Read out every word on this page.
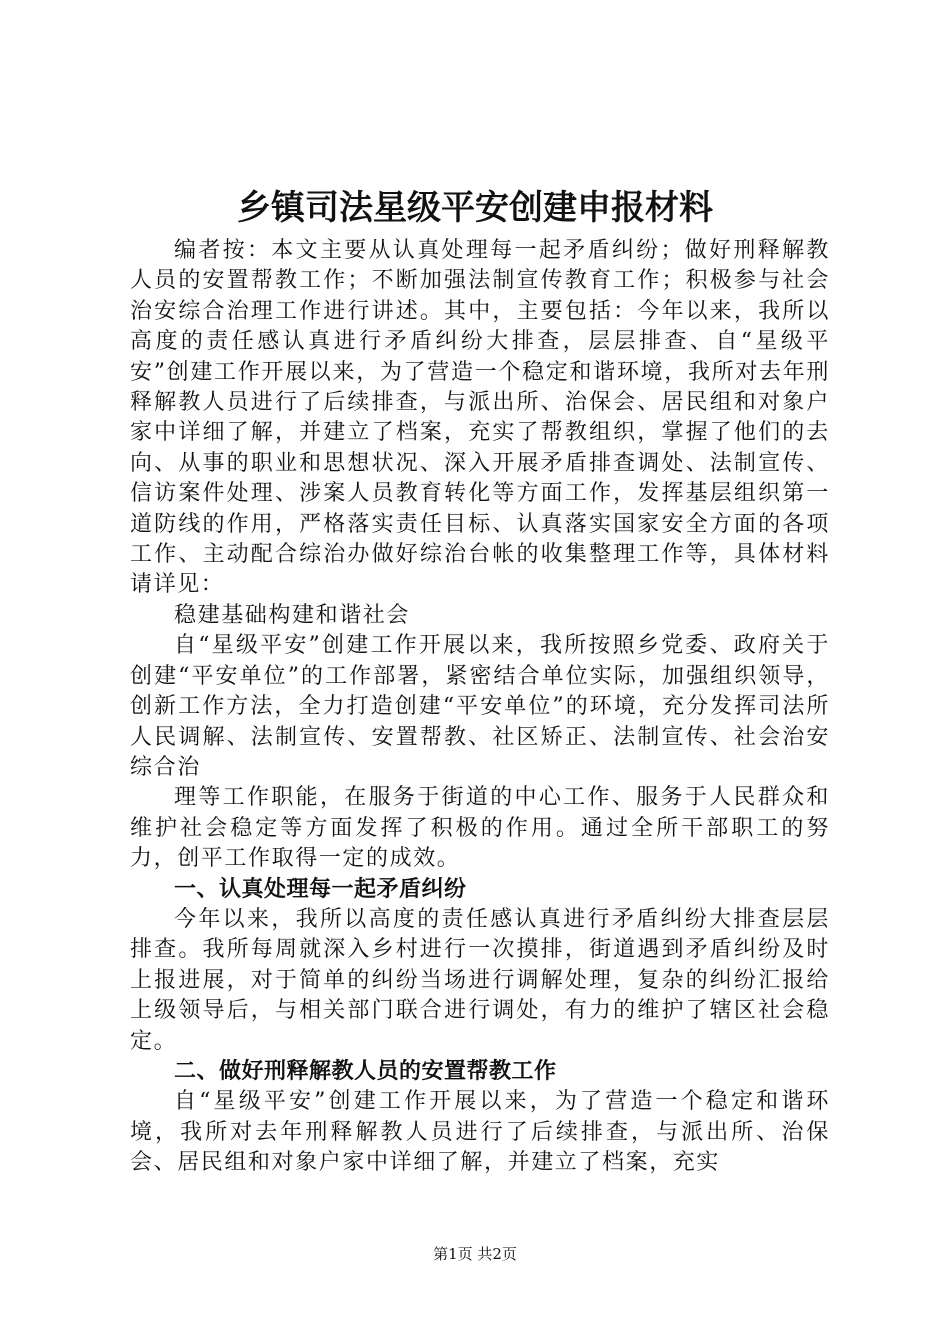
乡镇司法星级平安创建申报材料

编者按：本文主要从认真处理每一起矛盾纠纷；做好刑释解教人员的安置帮教工作；不断加强法制宣传教育工作；积极参与社会治安综合治理工作进行讲述。其中，主要包括：今年以来，我所以高度的责任感认真进行矛盾纠纷大排查，层层排查、自“星级平安”创建工作开展以来，为了营造一个稳定和谐环境，我所对去年刑释解教人员进行了后续排查，与派出所、治保会、居民组和对象户家中详细了解，并建立了档案，充实了帮教组织，掌握了他们的去向、从事的职业和思想状况、深入开展矛盾排查调处、法制宣传、信访案件处理、涉案人员教育转化等方面工作，发挥基层组织第一道防线的作用，严格落实责任目标、认真落实国家安全方面的各项工作、主动配合综治办做好综治台帐的收集整理工作等，具体材料请详见：

稳建基础构建和谐社会

自“星级平安”创建工作开展以来，我所按照乡党委、政府关于创建“平安单位”的工作部署，紧密结合单位实际，加强组织领导，创新工作方法，全力打造创建“平安单位”的环境，充分发挥司法所人民调解、法制宣传、安置帮教、社区矫正、法制宣传、社会治安综合治

理等工作职能，在服务于街道的中心工作、服务于人民群众和维护社会稳定等方面发挥了积极的作用。通过全所干部职工的努力，创平工作取得一定的成效。

一、认真处理每一起矛盾纠纷

今年以来，我所以高度的责任感认真进行矛盾纠纷大排查层层排查。我所每周就深入乡村进行一次摸排，街道遇到矛盾纠纷及时上报进展，对于简单的纠纷当场进行调解处理，复杂的纠纷汇报给上级领导后，与相关部门联合进行调处，有力的维护了辖区社会稳定。

二、做好刑释解教人员的安置帮教工作

自“星级平安”创建工作开展以来，为了营造一个稳定和谐环境，我所对去年刑释解教人员进行了后续排查，与派出所、治保会、居民组和对象户家中详细了解，并建立了档案，充实

第1页 共2页
